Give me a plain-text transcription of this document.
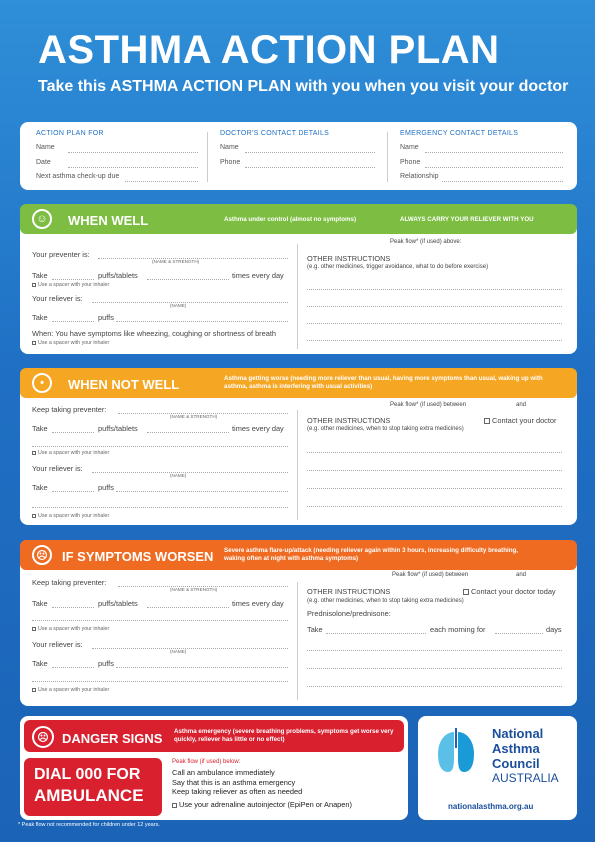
ASTHMA ACTION PLAN
Take this ASTHMA ACTION PLAN with you when you visit your doctor
ACTION PLAN FOR
Name
Date
Next asthma check-up due
DOCTOR'S CONTACT DETAILS
Name
Phone
EMERGENCY CONTACT DETAILS
Name
Phone
Relationship
☺	WHEN WELL	Asthma under control (almost no symptoms)	ALWAYS CARRY YOUR RELIEVER WITH YOU
Peak flow* (if used) above:
Your preventer is:
(NAME & STRENGTH)
Take	puffs/tablets	times every day
Use a spacer with your inhaler
Your reliever is:
(NAME)
Take	puffs
When: You have symptoms like wheezing, coughing or shortness of breath
Use a spacer with your inhaler
OTHER INSTRUCTIONS
(e.g. other medicines, trigger avoidance, what to do before exercise)
•	WHEN NOT WELL	Asthma getting worse (needing more reliever than usual, having more symptoms than usual, waking up with asthma, asthma is interfering with usual activities)
Peak flow* (if used) between	and
Keep taking preventer:
(NAME & STRENGTH)
Take	puffs/tablets	times every day
Use a spacer with your inhaler
Your reliever is:
(NAME)
Take	puffs
Use a spacer with your inhaler
OTHER INSTRUCTIONS	Contact your doctor
(e.g. other medicines, when to stop taking extra medicines)
☹	IF SYMPTOMS WORSEN Severe asthma flare-up/attack (needing reliever again within 3 hours, increasing difficulty breathing, waking often at night with asthma symptoms)
Peak flow* (if used) between	and
Keep taking preventer:
(NAME & STRENGTH)
Take	puffs/tablets	times every day
Use a spacer with your inhaler
Your reliever is:
(NAME)
Take	puffs
Use a spacer with your inhaler
OTHER INSTRUCTIONS	Contact your doctor today
(e.g. other medicines, when to stop taking extra medicines)
Prednisolone/prednisone:
Take	each morning for	days
☹	DANGER SIGNS Asthma emergency (severe breathing problems, symptoms get worse very quickly, reliever has little or no effect)
DIAL 000 FOR
AMBULANCE
Peak flow (if used) below:
Call an ambulance immediately
Say that this is an asthma emergency
Keep taking reliever as often as needed
Use your adrenaline autoinjector (EpiPen or Anapen)
National
Asthma
Council
AUSTRALIA
nationalasthma.org.au
* Peak flow not recommended for children under 12 years.
